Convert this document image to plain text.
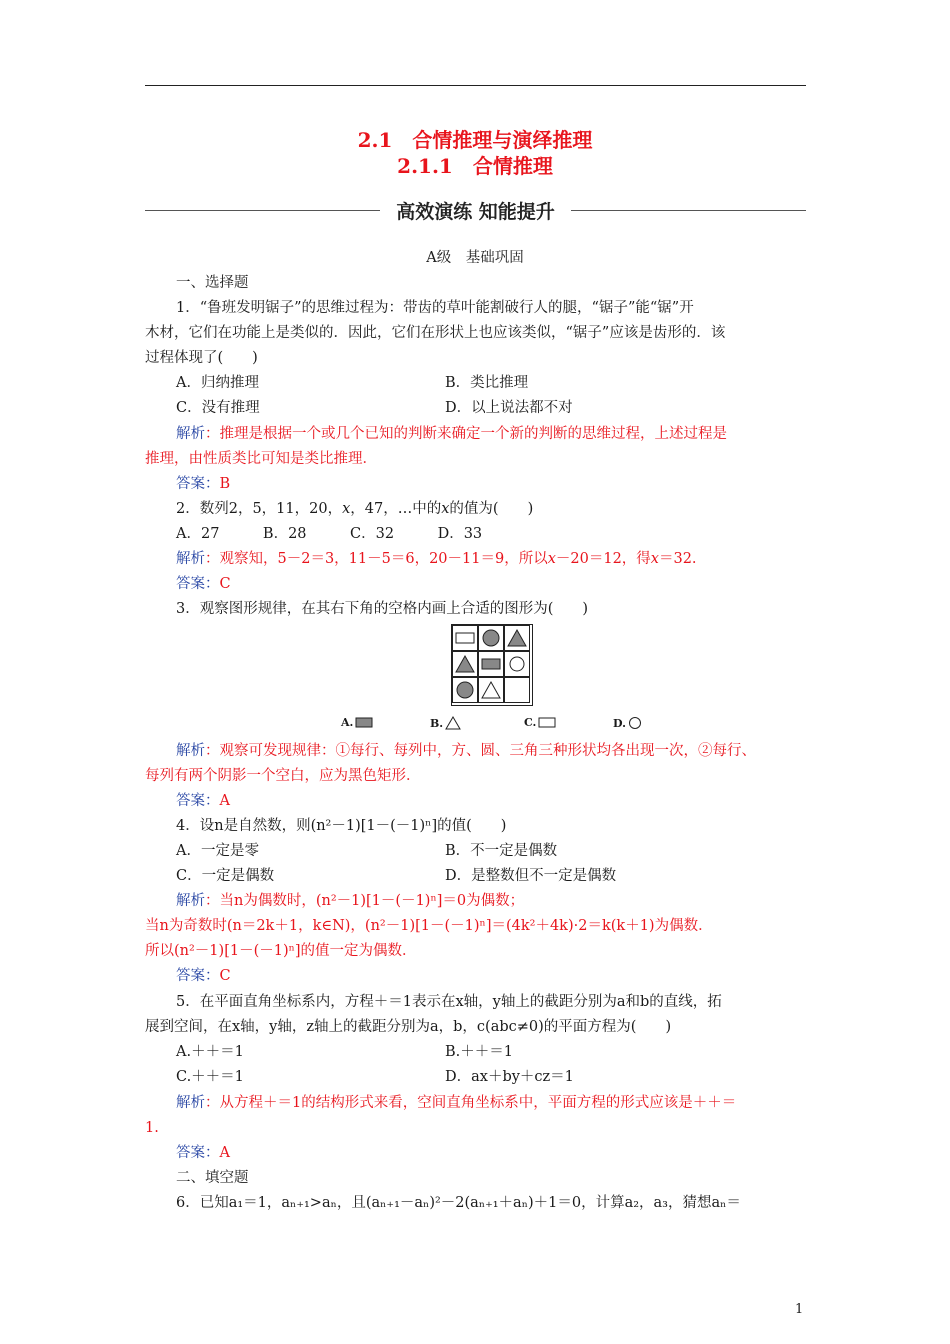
2.1　合情推理与演绎推理
2.1.1　合情推理
高效演练 知能提升
A级　基础巩固
一、选择题
1．“鲁班发明锯子”的思维过程为：带齿的草叶能割破行人的腿，“锯子”能“锯”开
木材，它们在功能上是类似的．因此，它们在形状上也应该类似，“锯子”应该是齿形的．该
过程体现了(　　)
A．归纳推理	B．类比推理
C．没有推理	D．以上说法都不对
解析：推理是根据一个或几个已知的判断来确定一个新的判断的思维过程，上述过程是
推理，由性质类比可知是类比推理．
答案：B
2．数列2，5，11，20，x，47，…中的x的值为(　　)
A．27　　　B．28　　　C．32　　　D．33
解析：观察知，5－2＝3，11－5＝6，20－11＝9，所以x－20＝12，得x＝32.
答案：C
3．观察图形规律，在其右下角的空格内画上合适的图形为(　　)
A.	B.	C.	D.
解析：观察可发现规律：①每行、每列中，方、圆、三角三种形状均各出现一次，②每行、
每列有两个阴影一个空白，应为黑色矩形．
答案：A
4．设n是自然数，则(n²－1)[1－(－1)ⁿ]的值(　　)
A．一定是零	B．不一定是偶数
C．一定是偶数	D．是整数但不一定是偶数
解析：当n为偶数时，(n²－1)[1－(－1)ⁿ]＝0为偶数；
当n为奇数时(n＝2k＋1，k∈N)，(n²－1)[1－(－1)ⁿ]＝(4k²＋4k)·2＝k(k＋1)为偶数．
所以(n²－1)[1－(－1)ⁿ]的值一定为偶数．
答案：C
5．在平面直角坐标系内，方程＋＝1表示在x轴，y轴上的截距分别为a和b的直线，拓
展到空间，在x轴，y轴，z轴上的截距分别为a，b，c(abc≠0)的平面方程为(　　)
A.＋＋＝1	B.＋＋＝1
C.＋＋＝1	D．ax＋by＋cz＝1
解析：从方程＋＝1的结构形式来看，空间直角坐标系中，平面方程的形式应该是＋＋＝
1.
答案：A
二、填空题
6．已知a₁＝1，aₙ₊₁>aₙ，且(aₙ₊₁－aₙ)²－2(aₙ₊₁＋aₙ)＋1＝0，计算a₂，a₃，猜想aₙ＝
1
